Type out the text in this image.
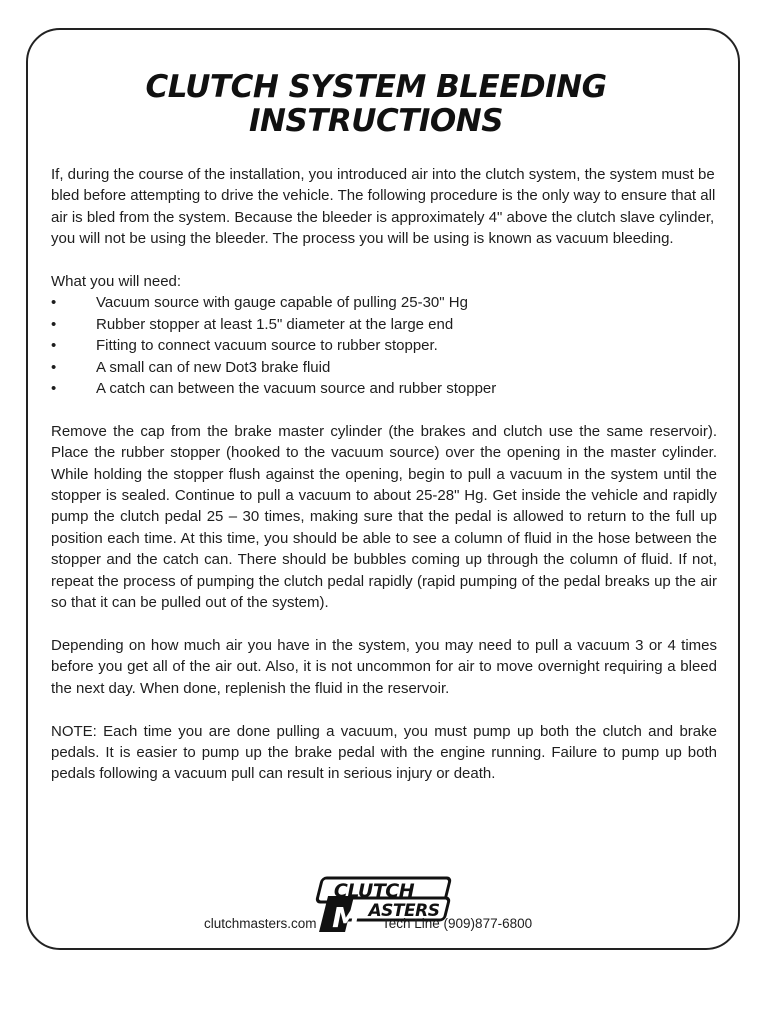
CLUTCH SYSTEM BLEEDING
INSTRUCTIONS

If, during the course of the installation, you introduced air into the clutch system, the system must be bled before attempting to drive the vehicle. The following procedure is the only way to ensure that all air is bled from the system. Because the bleeder is approximately 4" above the clutch slave cylinder, you will not be using the bleeder. The process you will be using is known as vacuum bleeding.

What you will need:

•	Vacuum source with gauge capable of pulling 25-30" Hg
•	Rubber stopper at least 1.5" diameter at the large end
•	Fitting to connect vacuum source to rubber stopper.
•	A small can of new Dot3 brake fluid
•	A catch can between the vacuum source and rubber stopper

Remove the cap from the brake master cylinder (the brakes and clutch use the same reservoir). Place the rubber stopper (hooked to the vacuum source) over the opening in the master cylinder. While holding the stopper flush against the opening, begin to pull a vacuum in the system until the stopper is sealed. Continue to pull a vacuum to about 25-28" Hg. Get inside the vehicle and rapidly pump the clutch pedal 25 – 30 times, making sure that the pedal is allowed to return to the full up position each time. At this time, you should be able to see a column of fluid in the hose between the stopper and the catch can. There should be bubbles coming up through the column of fluid. If not, repeat the process of pumping the clutch pedal rapidly (rapid pumping of the pedal breaks up the air so that it can be pulled out of the system).

Depending on how much air you have in the system, you may need to pull a vacuum 3 or 4 times before you get all of the air out. Also, it is not uncommon for air to move overnight requiring a bleed the next day. When done, replenish the fluid in the reservoir.

NOTE: Each time you are done pulling a vacuum, you must pump up both the clutch and brake pedals. It is easier to pump up the brake pedal with the engine running. Failure to pump up both pedals following a vacuum pull can result in serious injury or death.

CLUTCH
M ASTERS
clutchmasters.com	Tech Line (909)877-6800
